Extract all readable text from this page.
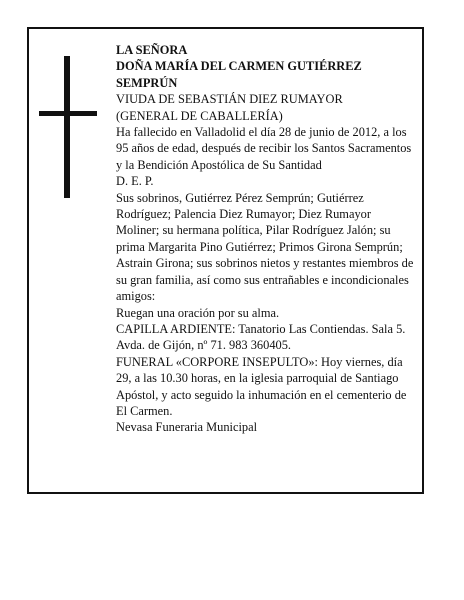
LA SEÑORA

DOÑA MARÍA DEL CARMEN GUTIÉRREZ SEMPRÚN

VIUDA DE SEBASTIÁN DIEZ RUMAYOR

(GENERAL DE CABALLERÍA)

Ha fallecido en Valladolid el día 28 de junio de 2012, a los 95 años de edad, después de recibir los Santos Sacramentos y la Bendición Apostólica de Su Santidad

D. E. P.

Sus sobrinos, Gutiérrez Pérez Semprún; Gutiérrez Rodríguez; Palencia Diez Rumayor; Diez Rumayor Moliner; su hermana política, Pilar Rodríguez Jalón; su prima Margarita Pino Gutiérrez; Primos Girona Semprún; Astrain Girona; sus sobrinos nietos y restantes miembros de su gran familia, así como sus entrañables e incondicionales amigos:

Ruegan una oración por su alma.

CAPILLA ARDIENTE: Tanatorio Las Contiendas. Sala 5. Avda. de Gijón, nº 71. 983 360405.

FUNERAL «CORPORE INSEPULTO»: Hoy viernes, día 29, a las 10.30 horas, en la iglesia parroquial de Santiago Apóstol, y acto seguido la inhumación en el cementerio de El Carmen.

Nevasa Funeraria Municipal
